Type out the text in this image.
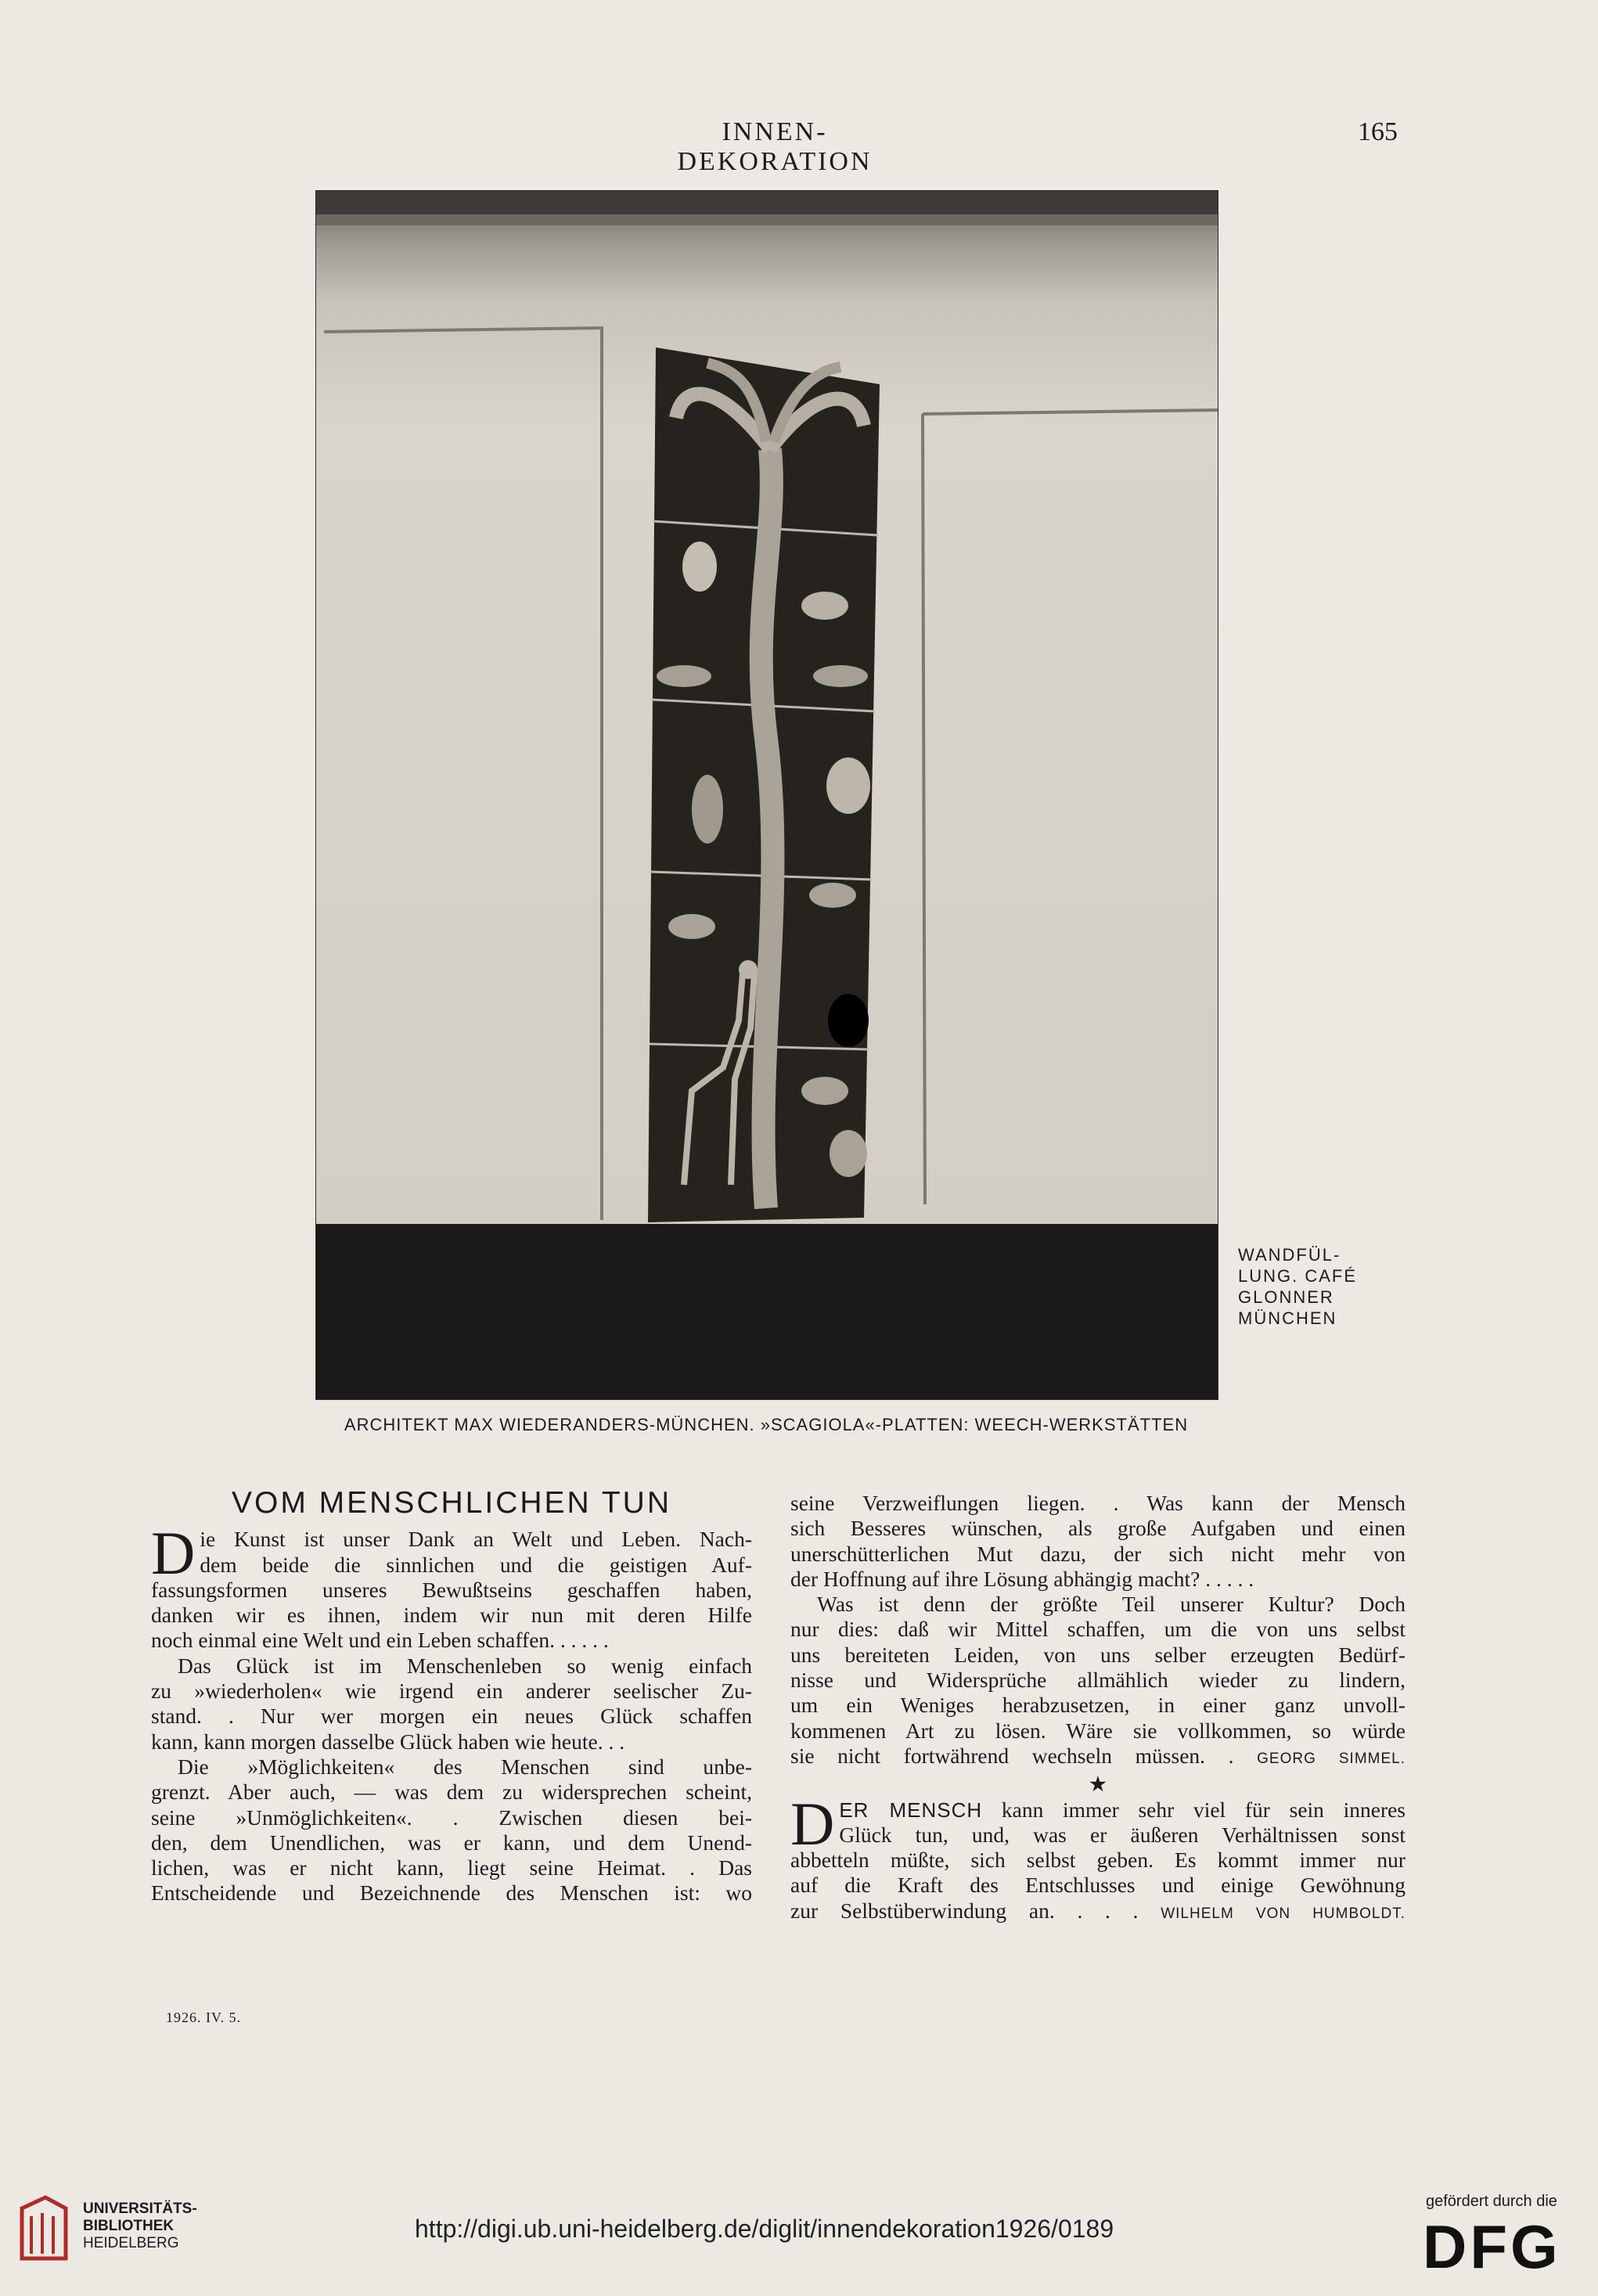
INNEN-DEKORATION
165
WANDFÜL-
LUNG. CAFÉ
GLONNER
MÜNCHEN
ARCHITEKT MAX WIEDERANDERS-MÜNCHEN. »SCAGIOLA«-PLATTEN: WEECH-WERKSTÄTTEN
VOM MENSCHLICHEN TUN
D ie Kunst ist unser Dank an Welt und Leben. Nach-
dem beide die sinnlichen und die geistigen Auf-
fassungsformen unseres Bewußtseins geschaffen haben,
danken wir es ihnen, indem wir nun mit deren Hilfe
noch einmal eine Welt und ein Leben schaffen. . . . . .
Das Glück ist im Menschenleben so wenig einfach
zu »wiederholen« wie irgend ein anderer seelischer Zu-
stand. . Nur wer morgen ein neues Glück schaffen
kann, kann morgen dasselbe Glück haben wie heute. . .
Die »Möglichkeiten« des Menschen sind unbe-
grenzt. Aber auch, — was dem zu widersprechen scheint,
seine »Unmöglichkeiten«. . Zwischen diesen bei-
den, dem Unendlichen, was er kann, und dem Unend-
lichen, was er nicht kann, liegt seine Heimat. . Das
Entscheidende und Bezeichnende des Menschen ist: wo
seine Verzweiflungen liegen. . Was kann der Mensch
sich Besseres wünschen, als große Aufgaben und einen
unerschütterlichen Mut dazu, der sich nicht mehr von
der Hoffnung auf ihre Lösung abhängig macht? . . . . .
Was ist denn der größte Teil unserer Kultur? Doch
nur dies: daß wir Mittel schaffen, um die von uns selbst
uns bereiteten Leiden, von uns selber erzeugten Bedürf-
nisse und Widersprüche allmählich wieder zu lindern,
um ein Weniges herabzusetzen, in einer ganz unvoll-
kommenen Art zu lösen. Wäre sie vollkommen, so würde
sie nicht fortwährend wechseln müssen. . GEORG SIMMEL.
★
D ER MENSCH kann immer sehr viel für sein inneres
Glück tun, und, was er äußeren Verhältnissen sonst
abbetteln müßte, sich selbst geben. Es kommt immer nur
auf die Kraft des Entschlusses und einige Gewöhnung
zur Selbstüberwindung an. . . . WILHELM VON HUMBOLDT.
1926. IV. 5.
UNIVERSITÄTS-
BIBLIOTHEK
HEIDELBERG
http://digi.ub.uni-heidelberg.de/diglit/innendekoration1926/0189
gefördert durch die
DFG
